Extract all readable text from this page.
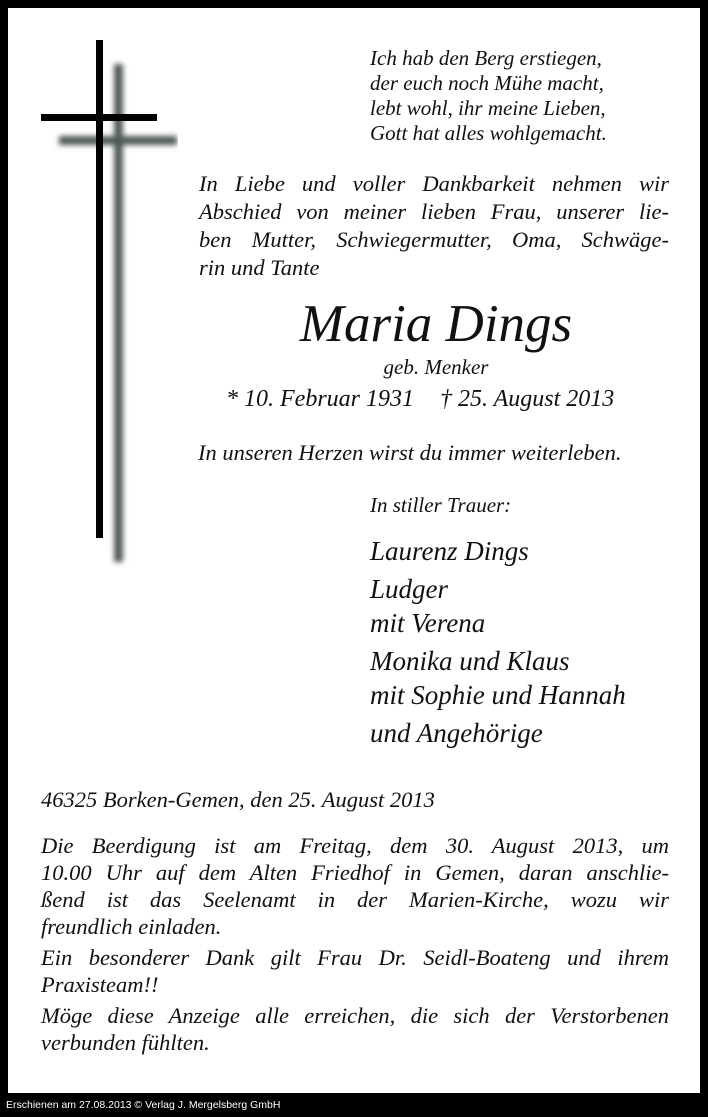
Ich hab den Berg erstiegen,
der euch noch Mühe macht,
lebt wohl, ihr meine Lieben,
Gott hat alles wohlgemacht.
In Liebe und voller Dankbarkeit nehmen wir
Abschied von meiner lieben Frau, unserer lie-
ben Mutter, Schwiegermutter, Oma, Schwäge-
rin und Tante
Maria Dings
geb. Menker
* 10. Februar 1931 † 25. August 2013
In unseren Herzen wirst du immer weiterleben.
In stiller Trauer:
Laurenz Dings
Ludger
mit Verena
Monika und Klaus
mit Sophie und Hannah
und Angehörige
46325 Borken-Gemen, den 25. August 2013

Die Beerdigung ist am Freitag, dem 30. August 2013, um
10.00 Uhr auf dem Alten Friedhof in Gemen, daran anschlie-
ßend ist das Seelenamt in der Marien-Kirche, wozu wir
freundlich einladen.

Ein besonderer Dank gilt Frau Dr. Seidl-Boateng und ihrem
Praxisteam!!

Möge diese Anzeige alle erreichen, die sich der Verstorbenen
verbunden fühlten.

Erschienen am 27.08.2013 © Verlag J. Mergelsberg GmbH
